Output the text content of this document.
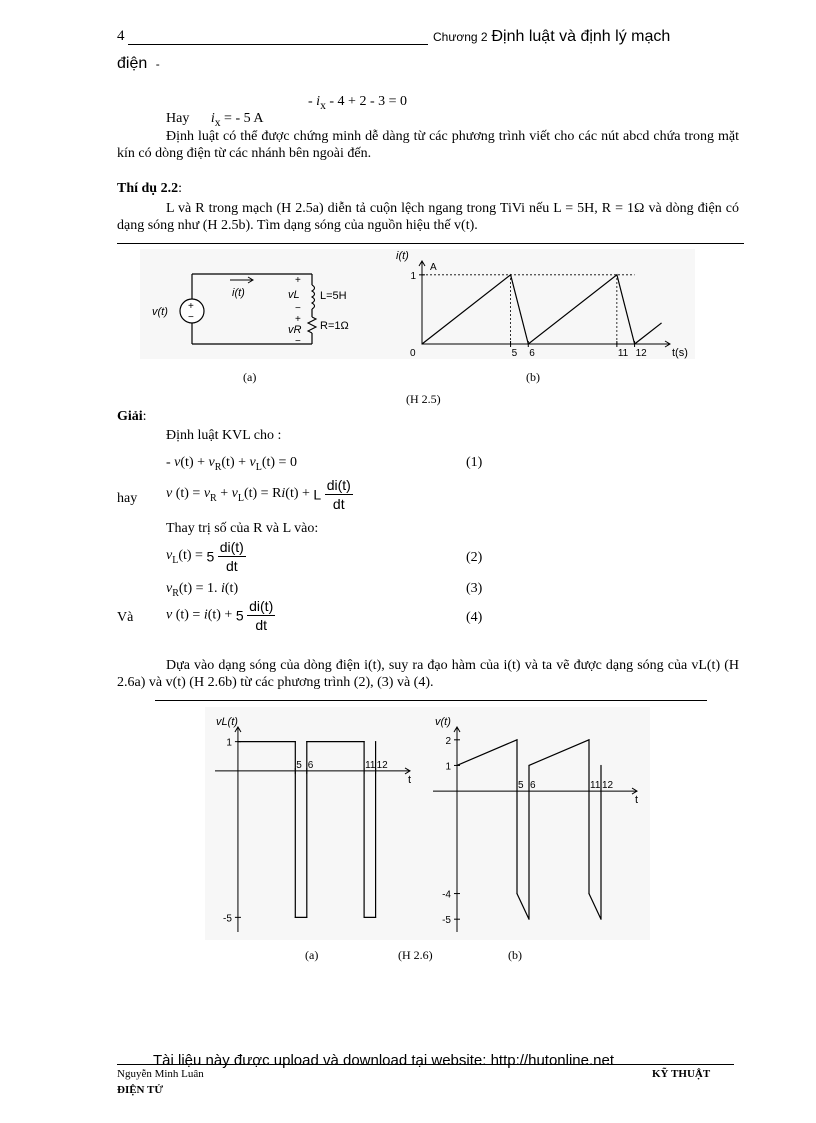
4	Chương 2 Định luật và định lý mạch
điện -
- $i_x - 4 + 2 - 3 = 0$
Hay $i_x$ = - 5 A
Định luật có thể được chứng minh dễ dàng từ các phương trình viết cho các nút abcd chứa trong mặt kín có dòng điện từ các nhánh bên ngoài đến.
Thí dụ 2.2:
L và R trong mạch (H 2.5a) diễn tả cuộn lệch ngang trong TiVi nếu L = 5H, R = 1Ω và dòng điện có dạng sóng như (H 2.5b). Tìm dạng sóng của nguồn hiệu thế v(t).
+
−
v(t)
i(t)
+
vL
−
L=5H
+
vR
−
R=1Ω
i(t)
A
t(s)
0	5 6	11 12
1
(a)	(b)
(H 2.5)
Giải:
Định luật KVL cho :
- $v(t) + v_R(t) + v_L(t) = 0$	(1)
hay v $(t) = v_R + v_L(t) = Ri(t) + L \frac{di(t)}{dt}$
Thay trị số của R và L vào:
$v_L(t) = 5 \frac{di(t)}{dt}$	(2)
$v_R(t) = 1$. i(t)	(3)
Và v $(t) = i(t) + 5 \frac{di(t)}{dt}$	(4)
Dựa vào dạng sóng của dòng điện i(t), suy ra đạo hàm của i(t) và ta vẽ được dạng sóng của vL(t) (H 2.6a) và v(t) (H 2.6b) từ các phương trình (2), (3) và (4).
vL(t)
t
5 6	11 12
1
-5
v(t)
t
5 6	11 12
2
1
-4
-5
(a)	(H 2.6)	(b)
Tài liệu này được upload và download tại website: http://hutonline.net
Nguyễn Minh Luân	KỸ THUẬT
ĐIỆN TỬ
